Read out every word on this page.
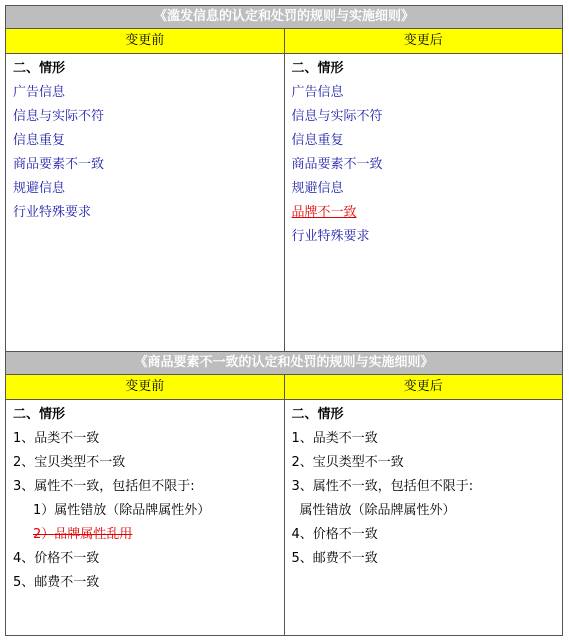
《滥发信息的认定和处罚的规则与实施细则》
变更前	变更后
二、情形
广告信息
信息与实际不符
信息重复
商品要素不一致
规避信息
行业特殊要求
二、情形
广告信息
信息与实际不符
信息重复
商品要素不一致
规避信息
品牌不一致
行业特殊要求
《商品要素不一致的认定和处罚的规则与实施细则》
变更前	变更后
二、情形
1、品类不一致
2、宝贝类型不一致
3、属性不一致，包括但不限于:
1）属性错放（除品牌属性外）
2）品牌属性乱用
4、价格不一致
5、邮费不一致
二、情形
1、品类不一致
2、宝贝类型不一致
3、属性不一致，包括但不限于:
属性错放（除品牌属性外）
4、价格不一致
5、邮费不一致
